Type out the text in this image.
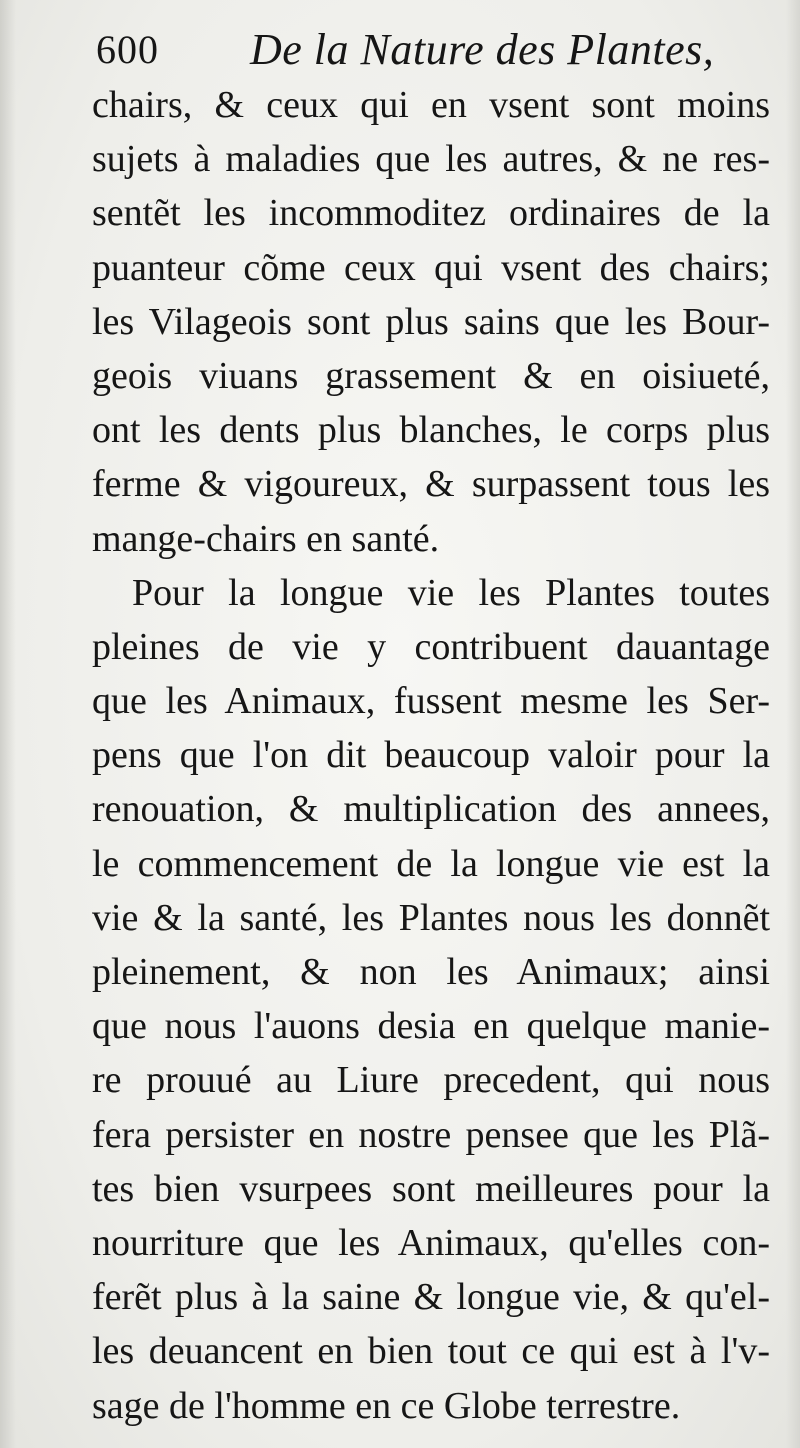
600 De la Nature des Plantes,
chairs, & ceux qui en vsent sont moins
sujets à maladies que les autres, & ne res-
sentẽt les incommoditez ordinaires de la
puanteur cõme ceux qui vsent des chairs;
les Vilageois sont plus sains que les Bour-
geois viuans grassement & en oisiueté,
ont les dents plus blanches, le corps plus
ferme & vigoureux, & surpassent tous les
mange-chairs en santé.
Pour la longue vie les Plantes toutes
pleines de vie y contribuent dauantage
que les Animaux, fussent mesme les Ser-
pens que l'on dit beaucoup valoir pour la
renouation, & multiplication des annees,
le commencement de la longue vie est la
vie & la santé, les Plantes nous les donnẽt
pleinement, & non les Animaux; ainsi
que nous l'auons desia en quelque manie-
re prouué au Liure precedent, qui nous
fera persister en nostre pensee que les Plã-
tes bien vsurpees sont meilleures pour la
nourriture que les Animaux, qu'elles con-
ferẽt plus à la saine & longue vie, & qu'el-
les deuancent en bien tout ce qui est à l'v-
sage de l'homme en ce Globe terrestre.
